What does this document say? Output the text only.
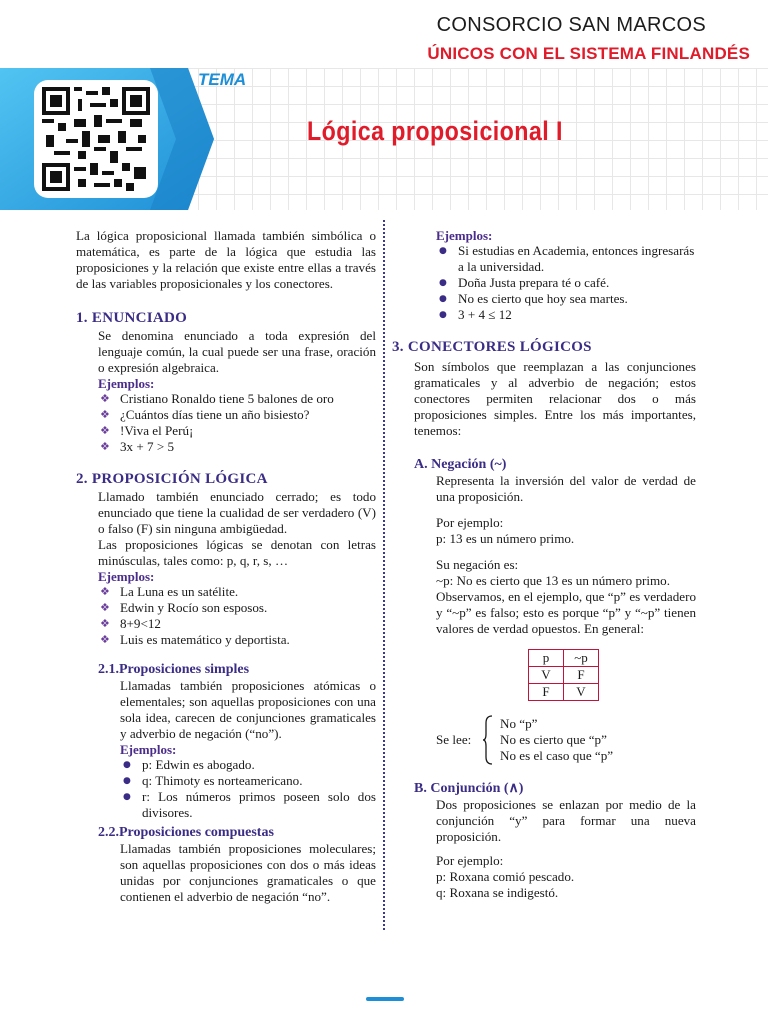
CONSORCIO SAN MARCOS
ÚNICOS CON EL SISTEMA FINLANDÉS
TEMA
Lógica proposicional I

La lógica proposicional llamada también simbólica o matemática, es parte de la lógica que estudia las proposiciones y la relación que existe entre ellas a través de las variables proposicionales y los conectores.

1. ENUNCIADO

Se denomina enunciado a toda expresión del lenguaje común, la cual puede ser una frase, oración o expresión algebraica.

Ejemplos:

❖ Cristiano Ronaldo tiene 5 balones de oro
❖ ¿Cuántos días tiene un año bisiesto?
❖ !Viva el Perú¡
❖ 3x + 7 > 5

2. PROPOSICIÓN LÓGICA

Llamado también enunciado cerrado; es todo enunciado que tiene la cualidad de ser verdadero (V) o falso (F) sin ninguna ambigüedad.

Las proposiciones lógicas se denotan con letras minúsculas, tales como: p, q, r, s, …

Ejemplos:

❖ La Luna es un satélite.
❖ Edwin y Rocío son esposos.
❖ 8+9<12
❖ Luis es matemático y deportista.

2.1.Proposiciones simples

Llamadas también proposiciones atómicas o elementales; son aquellas proposiciones con una sola idea, carecen de conjunciones gramaticales y adverbio de negación (“no”).

Ejemplos:

● p: Edwin es abogado.
● q: Thimoty es norteamericano.
● r: Los números primos poseen solo dos divisores.

2.2.Proposiciones compuestas

Llamadas también proposiciones moleculares; son aquellas proposiciones con dos o más ideas unidas por conjunciones gramaticales o que contienen el adverbio de negación “no”.

Ejemplos:

● Si estudias en Academia, entonces ingresarás a la universidad.
● Doña Justa prepara té o café.
● No es cierto que hoy sea martes.
● 3 + 4 ≤ 12

3. CONECTORES LÓGICOS

Son símbolos que reemplazan a las conjunciones gramaticales y al adverbio de negación; estos conectores permiten relacionar dos o más proposiciones simples. Entre los más importantes, tenemos:

A. Negación (~)

Representa la inversión del valor de verdad de una proposición.

Por ejemplo:

p: 13 es un número primo.

Su negación es:

~p: No es cierto que 13 es un número primo.

Observamos, en el ejemplo, que “p” es verdadero y “~p” es falso; esto es porque “p” y “~p” tienen valores de verdad opuestos. En general:

p	~p
V	F
F	V

Se lee:

No “p”

No es cierto que “p”

No es el caso que “p”

B. Conjunción (∧)

Dos proposiciones se enlazan por medio de la conjunción “y” para formar una nueva proposición.

Por ejemplo:

p: Roxana comió pescado.

q: Roxana se indigestó.
